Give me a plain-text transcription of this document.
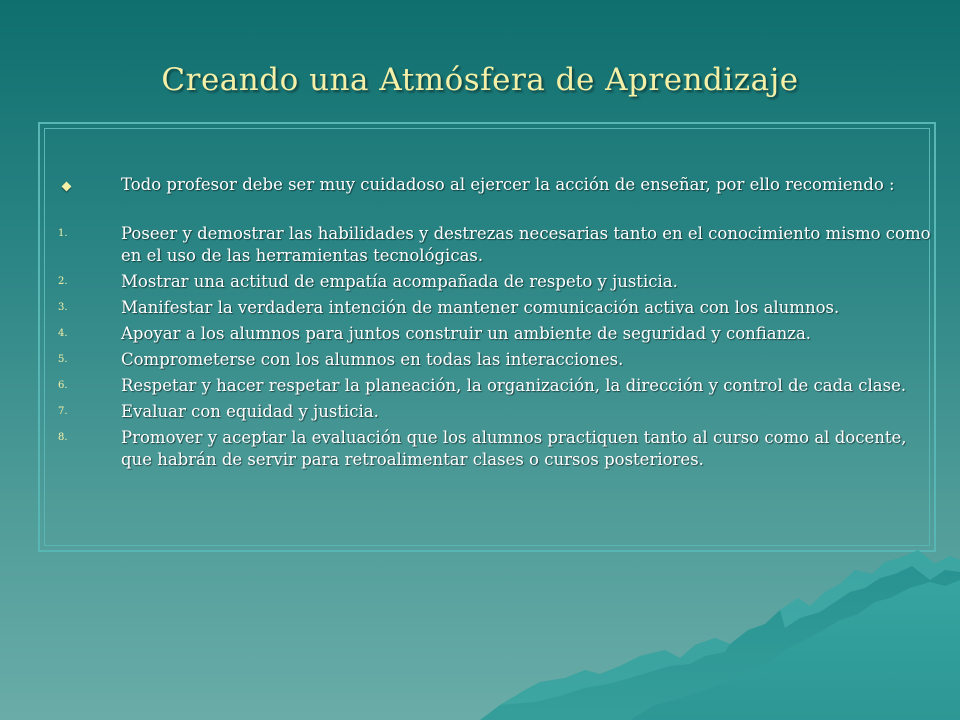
Creando una Atmósfera de Aprendizaje
Todo profesor debe ser muy cuidadoso al ejercer la acción de enseñar, por ello recomiendo :
1.	Poseer y demostrar las habilidades y destrezas necesarias tanto en el conocimiento mismo como en el uso de las herramientas tecnológicas.
2.	Mostrar una actitud de empatía acompañada de respeto y justicia.
3.	Manifestar la verdadera intención de mantener comunicación activa con los alumnos.
4.	Apoyar a los alumnos para juntos construir un ambiente de seguridad y confianza.
5.	Comprometerse con los alumnos en todas las interacciones.
6.	Respetar y hacer respetar la planeación, la organización, la dirección y control de cada clase.
7.	Evaluar con equidad y justicia.
8.	Promover y aceptar la evaluación que los alumnos practiquen tanto al curso como al docente, que habrán de servir para retroalimentar clases o cursos posteriores.
